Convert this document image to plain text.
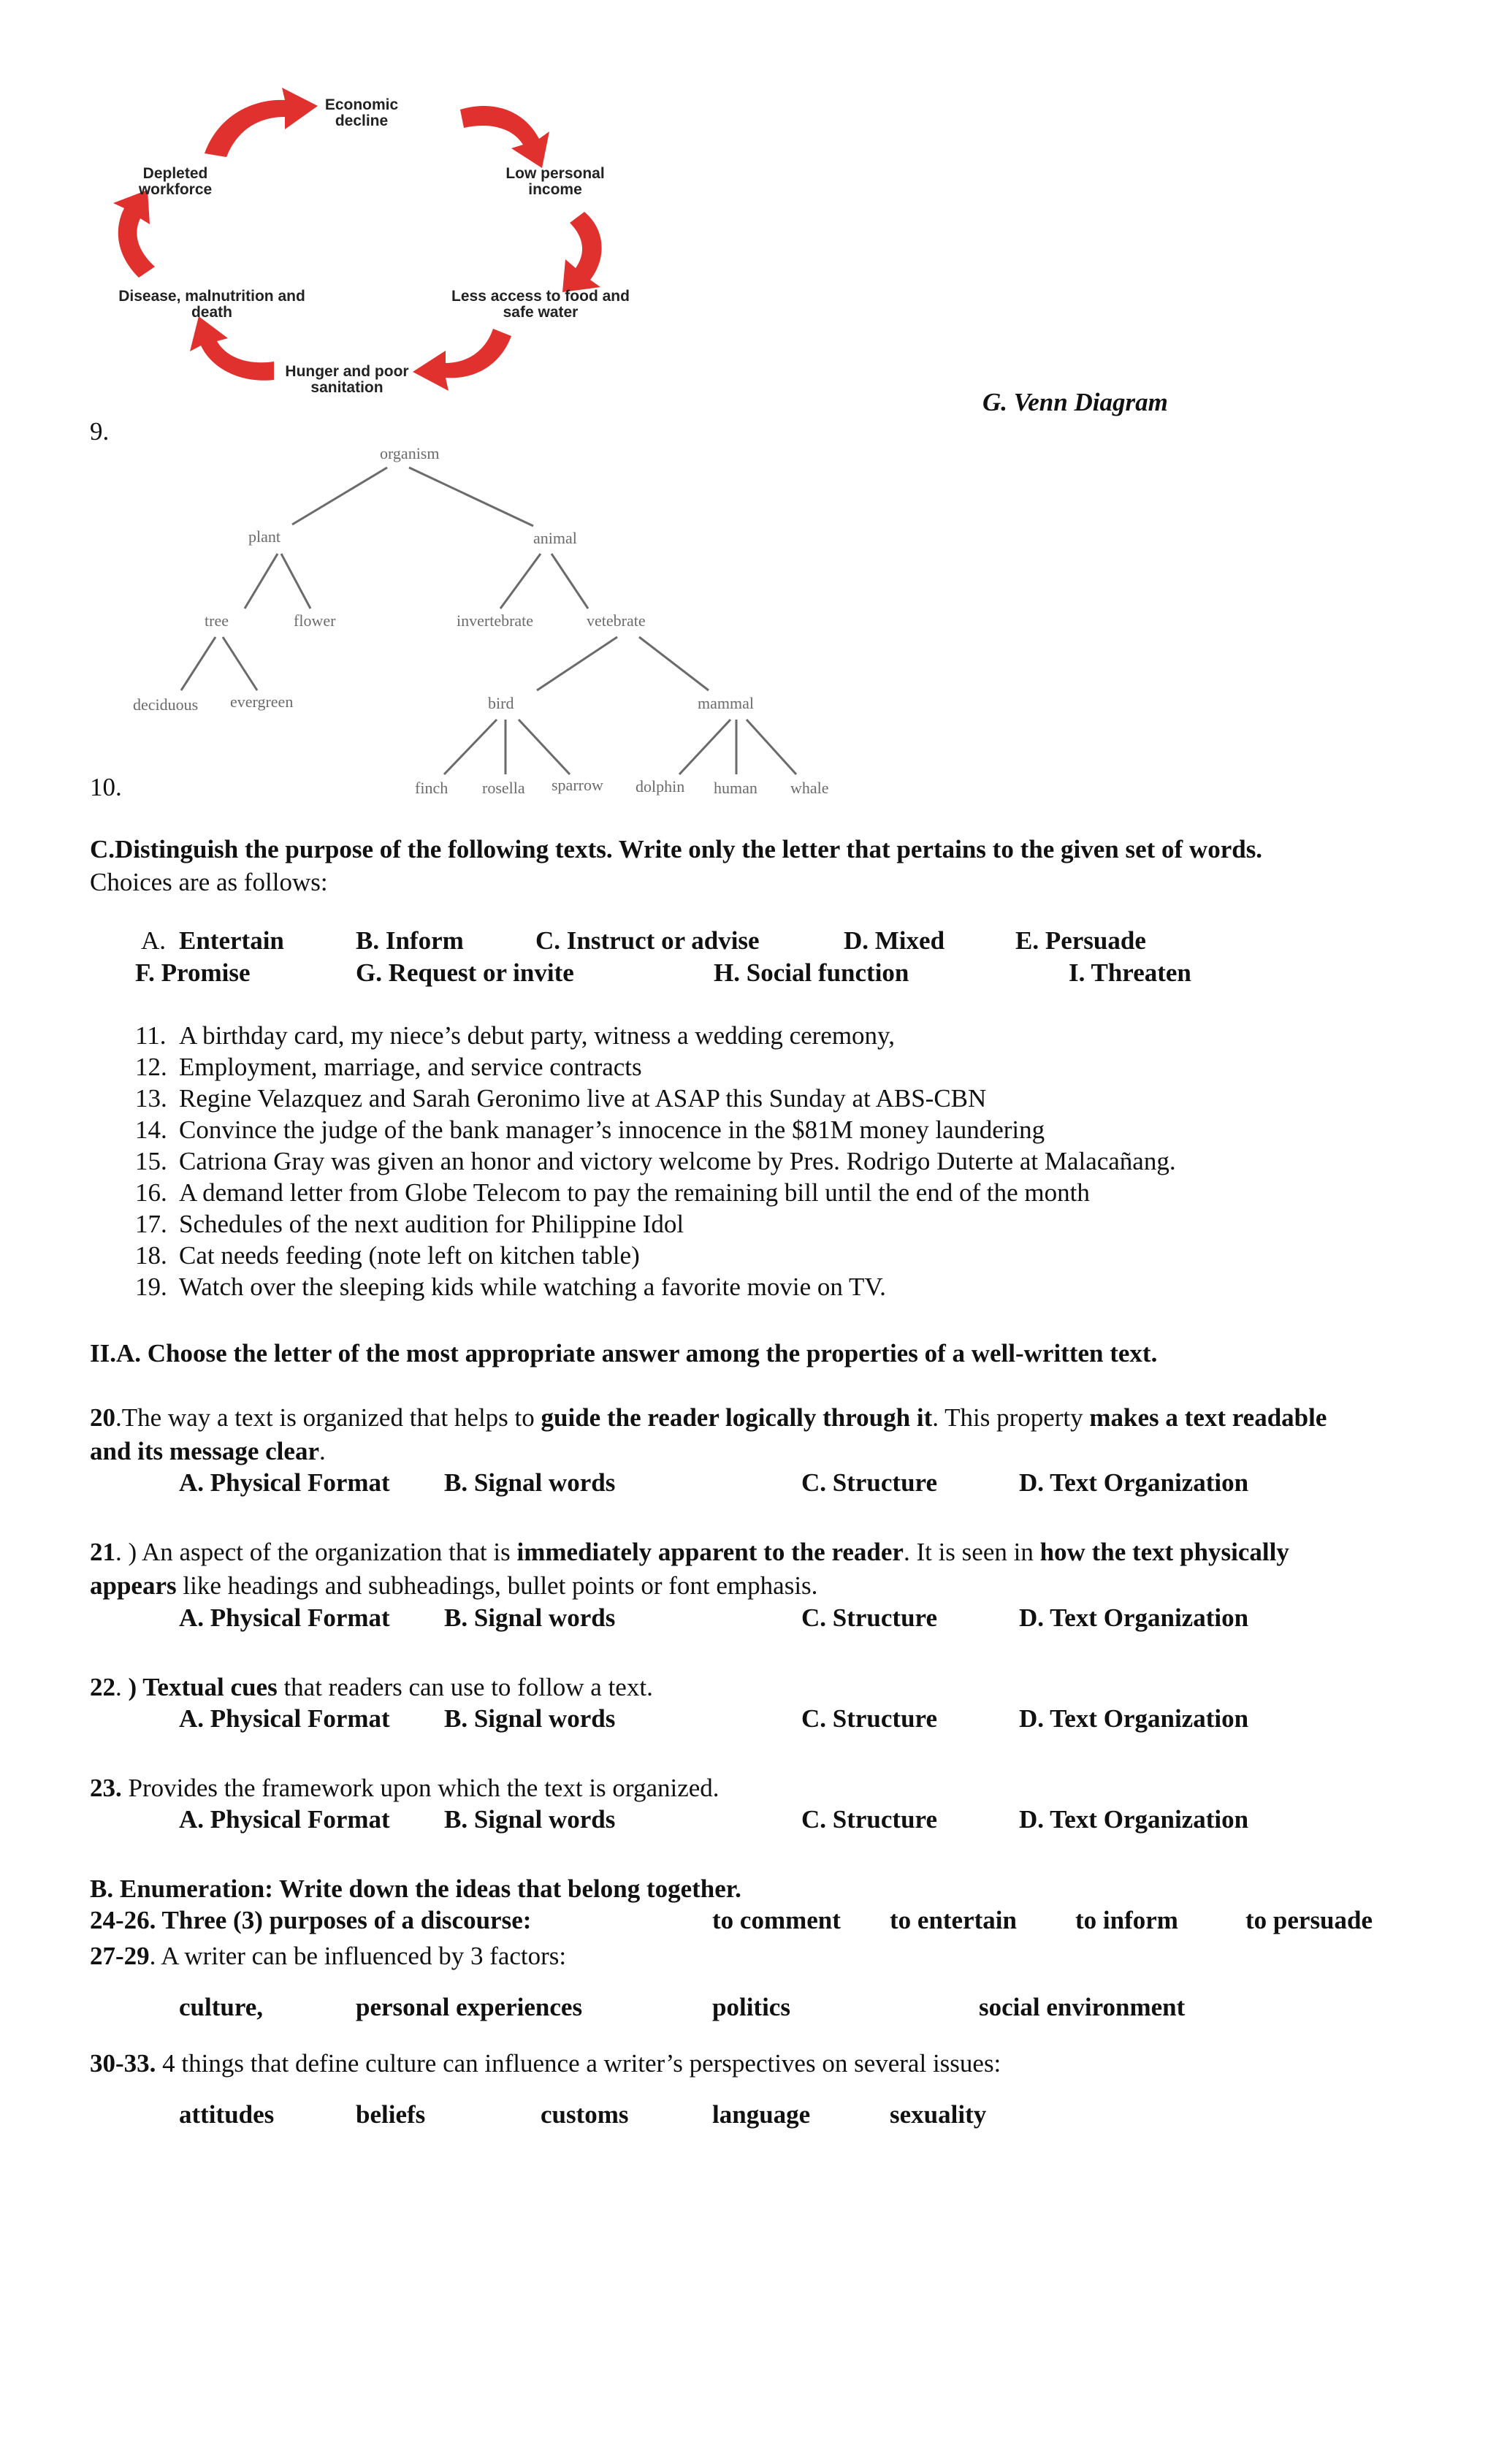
Economic decline
Low personal income
Less access to food and safe water
Hunger and poor sanitation
Disease, malnutrition and death
Depleted workforce
9.
G. Venn Diagram
organism
plant	animal
tree	flower	invertebrate	vetebrate
deciduous evergreen	bird	mammal
finch rosella sparrow dolphin human whale
10.
C.Distinguish the purpose of the following texts. Write only the letter that pertains to the given set of words.
Choices are as follows:
A. Entertain	B. Inform	C. Instruct or advise	D. Mixed	E. Persuade
F. Promise	G. Request or invite	H. Social function	I. Threaten
11. A birthday card, my niece’s debut party, witness a wedding ceremony,
12. Employment, marriage, and service contracts
13. Regine Velazquez and Sarah Geronimo live at ASAP this Sunday at ABS-CBN
14. Convince the judge of the bank manager’s innocence in the $81M money laundering
15. Catriona Gray was given an honor and victory welcome by Pres. Rodrigo Duterte at Malacañang.
16. A demand letter from Globe Telecom to pay the remaining bill until the end of the month
17. Schedules of the next audition for Philippine Idol
18. Cat needs feeding (note left on kitchen table)
19. Watch over the sleeping kids while watching a favorite movie on TV.
II.A. Choose the letter of the most appropriate answer among the properties of a well-written text.
20.The way a text is organized that helps to guide the reader logically through it. This property makes a text readable
and its message clear.
A. Physical Format B. Signal words	C. Structure	D. Text Organization
21. ) An aspect of the organization that is immediately apparent to the reader. It is seen in how the text physically
appears like headings and subheadings, bullet points or font emphasis.
A. Physical Format B. Signal words	C. Structure	D. Text Organization
22. ) Textual cues that readers can use to follow a text.
A. Physical Format B. Signal words	C. Structure	D. Text Organization
23. Provides the framework upon which the text is organized.
A. Physical Format B. Signal words	C. Structure	D. Text Organization
B. Enumeration: Write down the ideas that belong together.
24-26. Three (3) purposes of a discourse:	to comment to entertain to inform	to persuade
27-29. A writer can be influenced by 3 factors:
culture,	personal experiences	politics	social environment
30-33. 4 things that define culture can influence a writer’s perspectives on several issues:
attitudes	beliefs	customs	language	sexuality
